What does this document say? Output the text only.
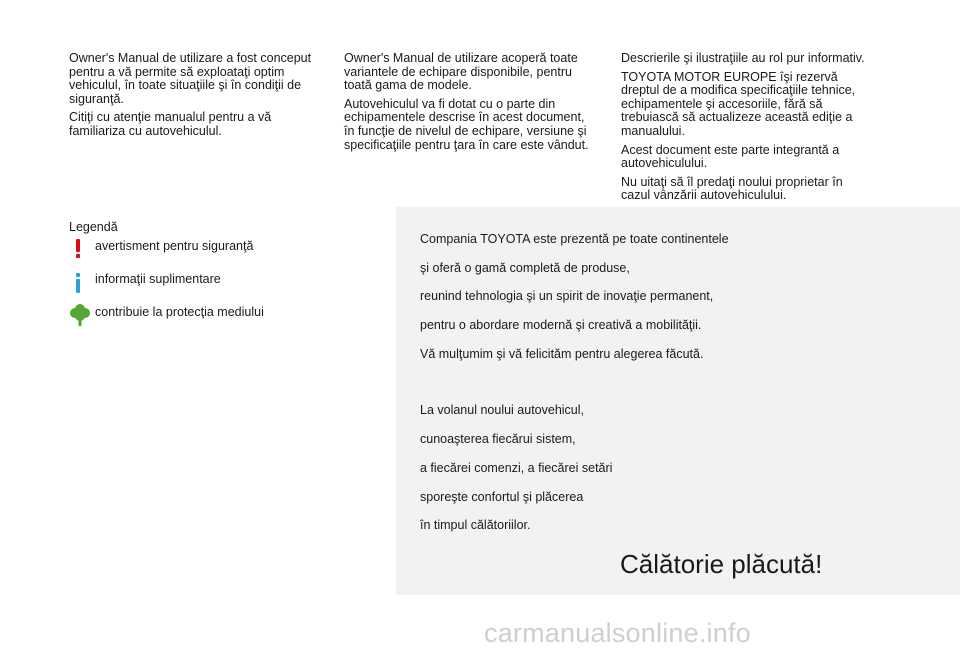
Owner's Manual de utilizare a fost conceput
pentru a vă permite să exploataţi optim
vehiculul, în toate situaţiile şi în condiţii de
siguranţă.

Citiţi cu atenţie manualul pentru a vă
familiariza cu autovehiculul.

Owner's Manual de utilizare acoperă toate
variantele de echipare disponibile, pentru
toată gama de modele.

Autovehiculul va fi dotat cu o parte din
echipamentele descrise în acest document,
în funcţie de nivelul de echipare, versiune şi
specificaţiile pentru ţara în care este vândut.

Descrierile şi ilustraţiile au rol pur informativ.

TOYOTA MOTOR EUROPE îşi rezervă
dreptul de a modifica specificaţiile tehnice,
echipamentele şi accesoriile, fără să
trebuiască să actualizeze această ediţie a
manualului.

Acest document este parte integrantă a
autovehiculului.

Nu uitaţi să îl predaţi noului proprietar în
cazul vânzării autovehiculului.

Legendă
avertisment pentru siguranţă
informaţii suplimentare
contribuie la protecţia mediului
Compania TOYOTA este prezentă pe toate continentele
şi oferă o gamă completă de produse,
reunind tehnologia şi un spirit de inovaţie permanent,
pentru o abordare modernă şi creativă a mobilităţii.
Vă mulţumim şi vă felicităm pentru alegerea făcută.
La volanul noului autovehicul,
cunoaşterea fiecărui sistem,
a fiecărei comenzi, a fiecărei setări
sporeşte confortul şi plăcerea
în timpul călătoriilor.
Călătorie plăcută!
carmanualsonline.info
